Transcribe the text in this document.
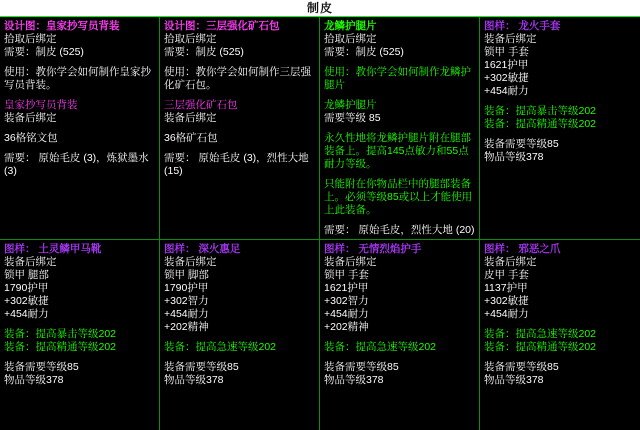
制皮
设计图：皇家抄写员背装
拾取后绑定
需要：制皮 (525)

使用：教你学会如何制作皇家抄写员背装。

皇家抄写员背装
装备后绑定

36格铭文包

需要： 原始毛皮 (3)，炼狱墨水 (3)
设计图：三层强化矿石包
拾取后绑定
需要：制皮 (525)

使用：教你学会如何制作三层强化矿石包。

三层强化矿石包
装备后绑定

36格矿石包

需要： 原始毛皮 (3)，烈性大地 (15)
龙鳞护腿片
拾取后绑定
需要：制皮 (525)

使用：教你学会如何制作龙鳞护腿片

龙鳞护腿片
需要等级 85

永久性地将龙鳞护腿片附在腿部装备上。提高145点敏力和55点耐力等级。

只能附在你物品栏中的腿部装备上。必须等级85或以上才能使用上此装备。

需要： 原始毛皮，烈性大地 (20)
图样： 龙火手套
装备后绑定
锁甲 手套
1621护甲
+302敏捷
+454耐力

装备：提高暴击等级202
装备：提高精通等级202

装备需要等级85
物品等级378
图样： 土灵鳞甲马靴
装备后绑定
锁甲 腿部
1790护甲
+302敏捷
+454耐力

装备：提高暴击等级202
装备：提高精通等级202

装备需要等级85
物品等级378
图样： 深火惠足
装备后绑定
锁甲 脚部
1790护甲
+302智力
+454耐力
+202精神

装备：提高急速等级202

装备需要等级85
物品等级378
图样： 无情烈焰护手
装备后绑定
锁甲 手套
1621护甲
+302智力
+454耐力
+202精神

装备：提高急速等级202

装备需要等级85
物品等级378
图样： 邪恶之爪
装备后绑定
皮甲 手套
1137护甲
+302敏捷
+454耐力

装备：提高急速等级202
装备：提高精通等级202

装备需要等级85
物品等级378
